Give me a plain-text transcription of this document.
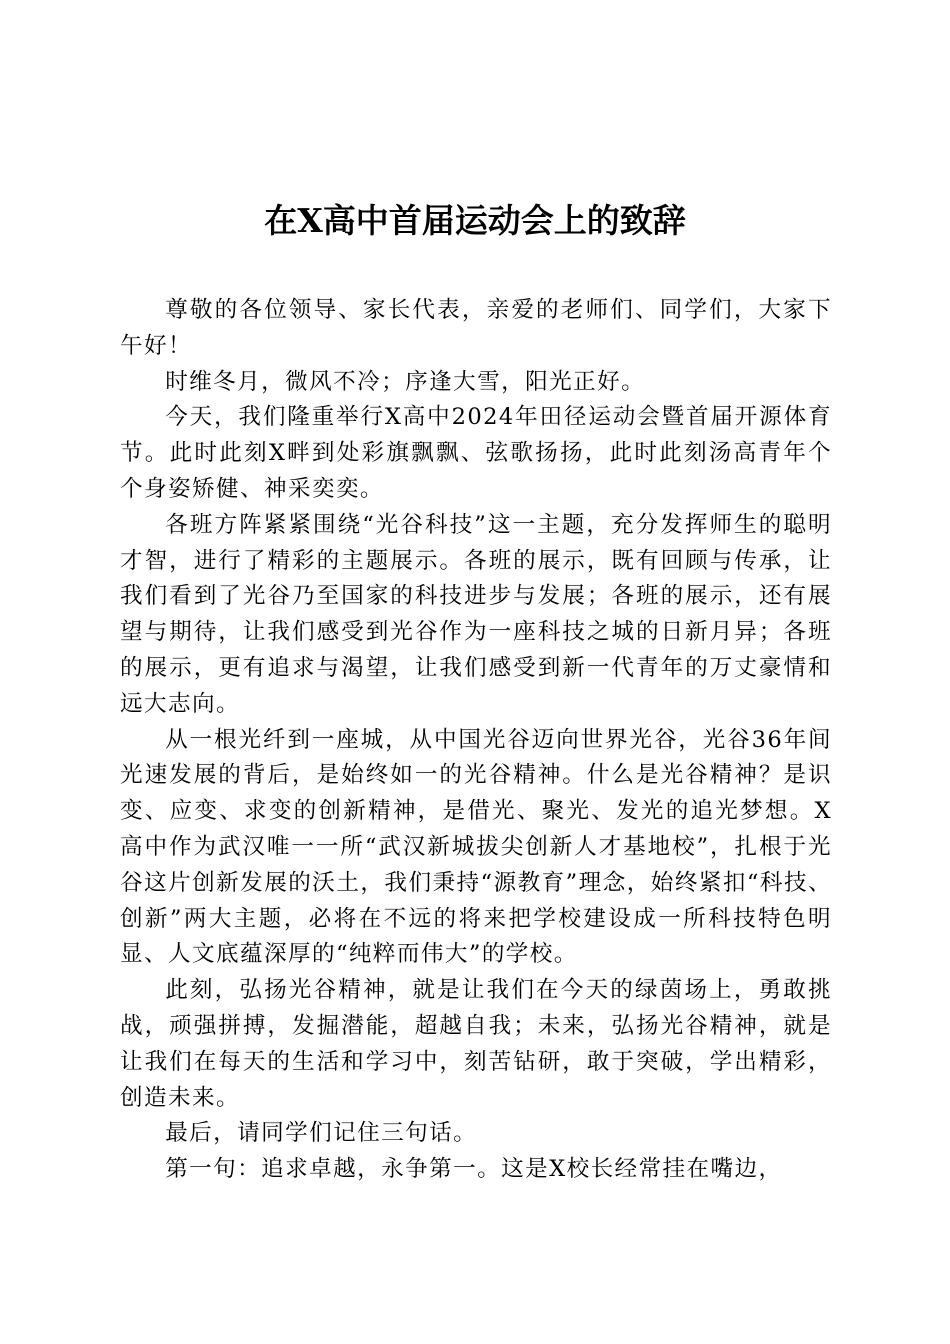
在X高中首届运动会上的致辞

尊敬的各位领导、家长代表，亲爱的老师们、同学们，大家下午好！

时维冬月，微风不冷；序逢大雪，阳光正好。

今天，我们隆重举行X高中2024年田径运动会暨首届开源体育节。此时此刻X畔到处彩旗飘飘、弦歌扬扬，此时此刻汤高青年个个身姿矫健、神采奕奕。

各班方阵紧紧围绕“光谷科技”这一主题，充分发挥师生的聪明才智，进行了精彩的主题展示。各班的展示，既有回顾与传承，让我们看到了光谷乃至国家的科技进步与发展；各班的展示，还有展望与期待，让我们感受到光谷作为一座科技之城的日新月异；各班的展示，更有追求与渴望，让我们感受到新一代青年的万丈豪情和远大志向。

从一根光纤到一座城，从中国光谷迈向世界光谷，光谷36年间光速发展的背后，是始终如一的光谷精神。什么是光谷精神？是识变、应变、求变的创新精神，是借光、聚光、发光的追光梦想。X高中作为武汉唯一一所“武汉新城拔尖创新人才基地校”，扎根于光谷这片创新发展的沃土，我们秉持“源教育”理念，始终紧扣“科技、创新”两大主题，必将在不远的将来把学校建设成一所科技特色明显、人文底蕴深厚的“纯粹而伟大”的学校。

此刻，弘扬光谷精神，就是让我们在今天的绿茵场上，勇敢挑战，顽强拼搏，发掘潜能，超越自我；未来，弘扬光谷精神，就是让我们在每天的生活和学习中，刻苦钻研，敢于突破，学出精彩，创造未来。

最后，请同学们记住三句话。

第一句：追求卓越，永争第一。这是X校长经常挂在嘴边，
